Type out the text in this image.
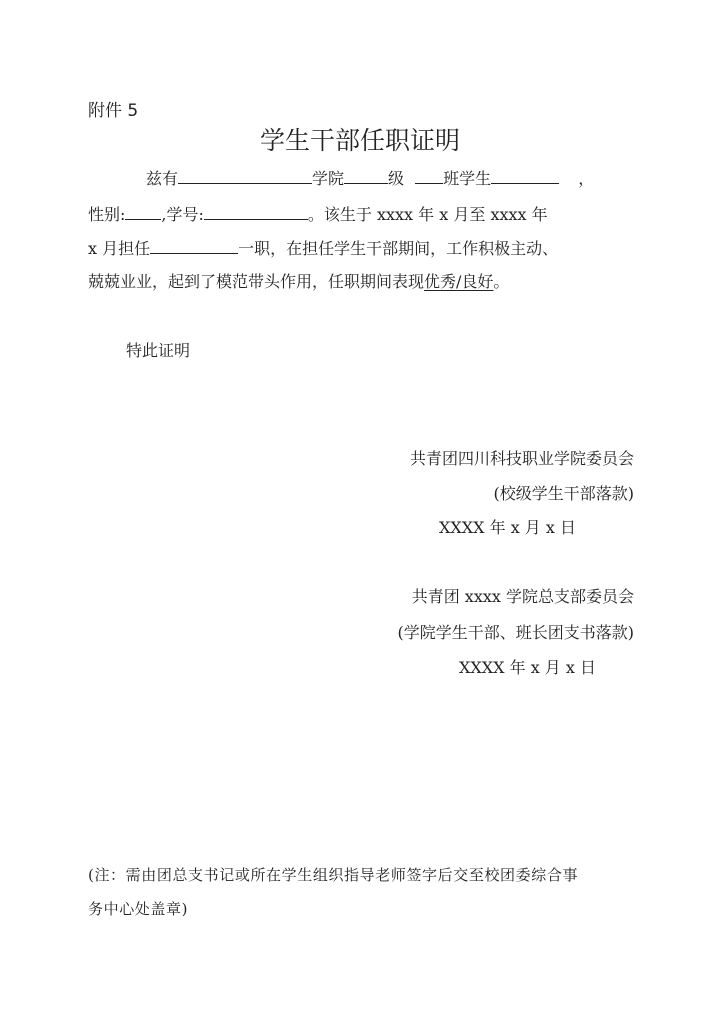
附件 5
学生干部任职证明
兹有	学院	级 班学生	，
性别: ,学号:	。该生于 xxxx 年 x 月至 xxxx 年
x 月担任	一职，在担任学生干部期间，工作积极主动、
兢兢业业，起到了模范带头作用，任职期间表现优秀/良好。
特此证明
共青团四川科技职业学院委员会
(校级学生干部落款)
XXXX 年 x 月 x 日
共青团 xxxx 学院总支部委员会
(学院学生干部、班长团支书落款)
XXXX 年 x 月 x 日
(注：需由团总支书记或所在学生组织指导老师签字后交至校团委综合事
务中心处盖章)
